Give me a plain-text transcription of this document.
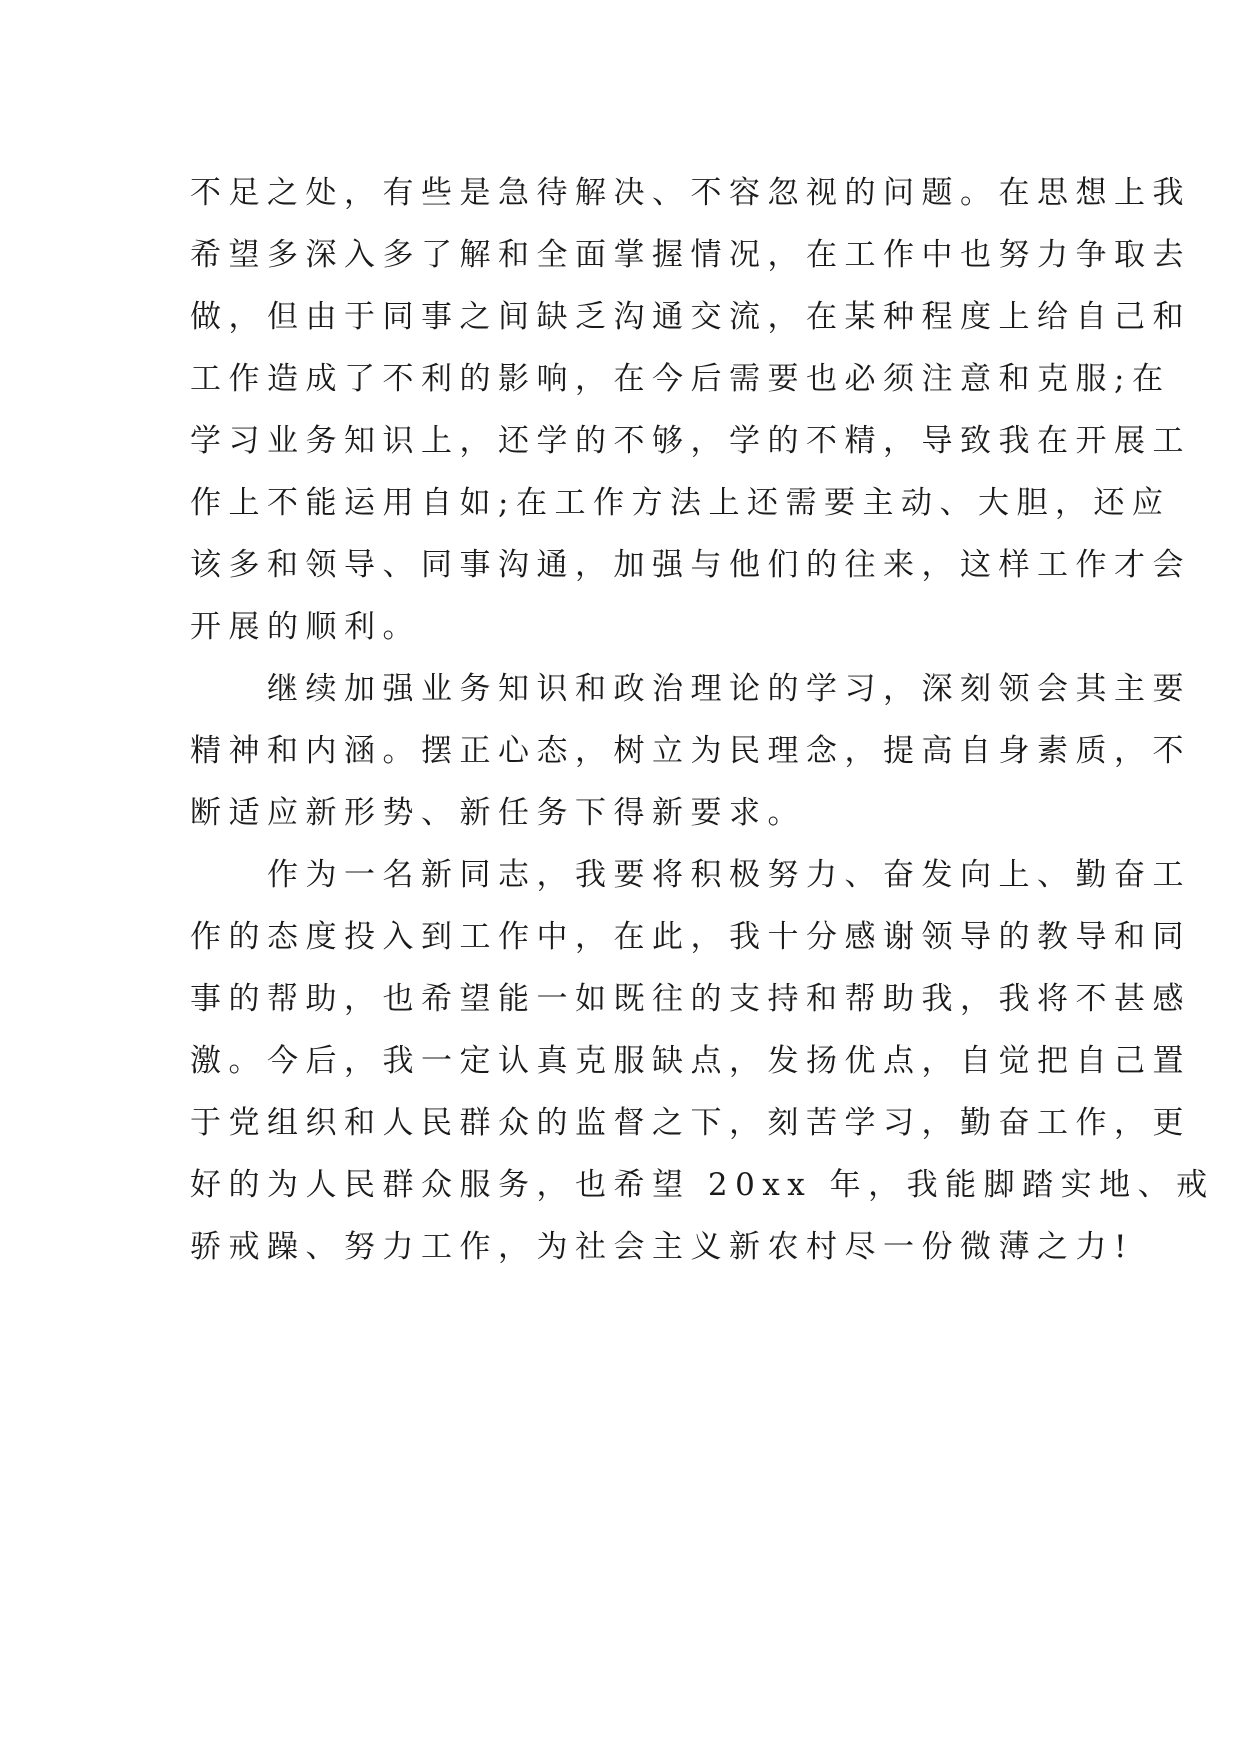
不足之处，有些是急待解决、不容忽视的问题。在思想上我
希望多深入多了解和全面掌握情况，在工作中也努力争取去
做，但由于同事之间缺乏沟通交流，在某种程度上给自己和
工作造成了不利的影响，在今后需要也必须注意和克服;在
学习业务知识上，还学的不够，学的不精，导致我在开展工
作上不能运用自如;在工作方法上还需要主动、大胆，还应
该多和领导、同事沟通，加强与他们的往来，这样工作才会
开展的顺利。
　　继续加强业务知识和政治理论的学习，深刻领会其主要
精神和内涵。摆正心态，树立为民理念，提高自身素质，不
断适应新形势、新任务下得新要求。
　　作为一名新同志，我要将积极努力、奋发向上、勤奋工
作的态度投入到工作中，在此，我十分感谢领导的教导和同
事的帮助，也希望能一如既往的支持和帮助我，我将不甚感
激。今后，我一定认真克服缺点，发扬优点，自觉把自己置
于党组织和人民群众的监督之下，刻苦学习，勤奋工作，更
好的为人民群众服务，也希望 20xx 年，我能脚踏实地、戒
骄戒躁、努力工作，为社会主义新农村尽一份微薄之力!
